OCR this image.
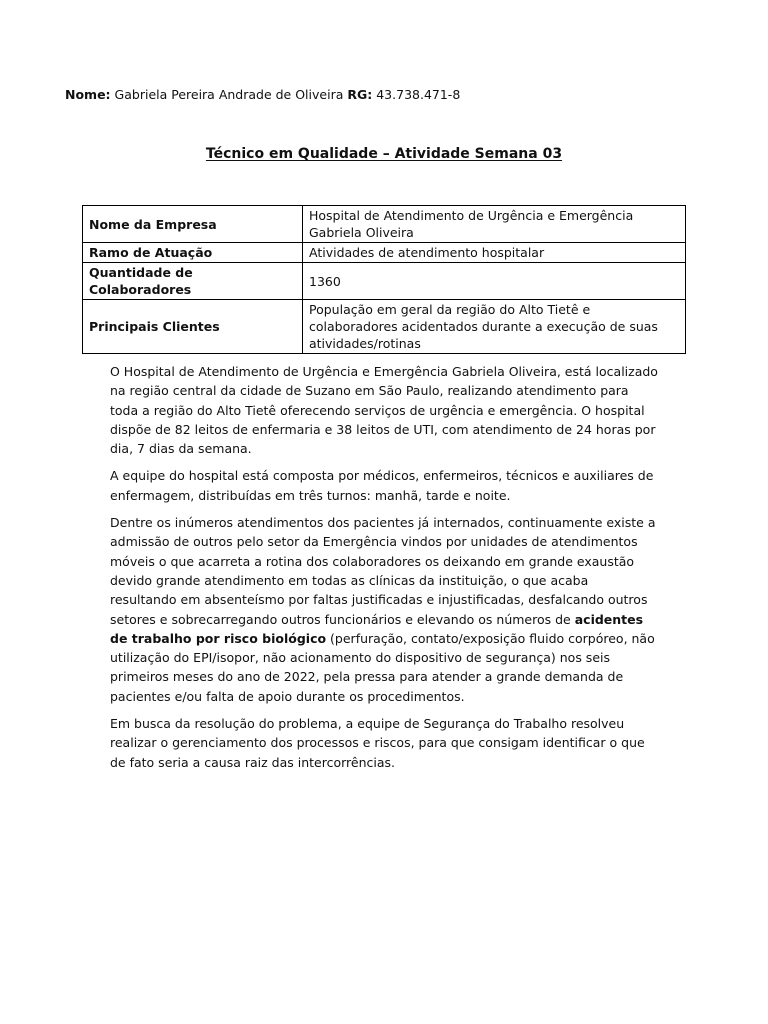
Nome: Gabriela Pereira Andrade de Oliveira RG: 43.738.471-8
Técnico em Qualidade – Atividade Semana 03
Nome da Empresa	Hospital de Atendimento de Urgência e Emergência Gabriela Oliveira
Ramo de Atuação	Atividades de atendimento hospitalar
Quantidade de Colaboradores	1360
Principais Clientes	População em geral da região do Alto Tietê e colaboradores acidentados durante a execução de suas atividades/rotinas

O Hospital de Atendimento de Urgência e Emergência Gabriela Oliveira, está localizado na região central da cidade de Suzano em São Paulo, realizando atendimento para toda a região do Alto Tietê oferecendo serviços de urgência e emergência. O hospital dispõe de 82 leitos de enfermaria e 38 leitos de UTI, com atendimento de 24 horas por dia, 7 dias da semana.

A equipe do hospital está composta por médicos, enfermeiros, técnicos e auxiliares de enfermagem, distribuídas em três turnos: manhã, tarde e noite.

Dentre os inúmeros atendimentos dos pacientes já internados, continuamente existe a admissão de outros pelo setor da Emergência vindos por unidades de atendimentos móveis o que acarreta a rotina dos colaboradores os deixando em grande exaustão devido grande atendimento em todas as clínicas da instituição, o que acaba resultando em absenteísmo por faltas justificadas e injustificadas, desfalcando outros setores e sobrecarregando outros funcionários e elevando os números de acidentes de trabalho por risco biológico (perfuração, contato/exposição fluido corpóreo, não utilização do EPI/isopor, não acionamento do dispositivo de segurança) nos seis primeiros meses do ano de 2022, pela pressa para atender a grande demanda de pacientes e/ou falta de apoio durante os procedimentos.

Em busca da resolução do problema, a equipe de Segurança do Trabalho resolveu realizar o gerenciamento dos processos e riscos, para que consigam identificar o que de fato seria a causa raiz das intercorrências.
